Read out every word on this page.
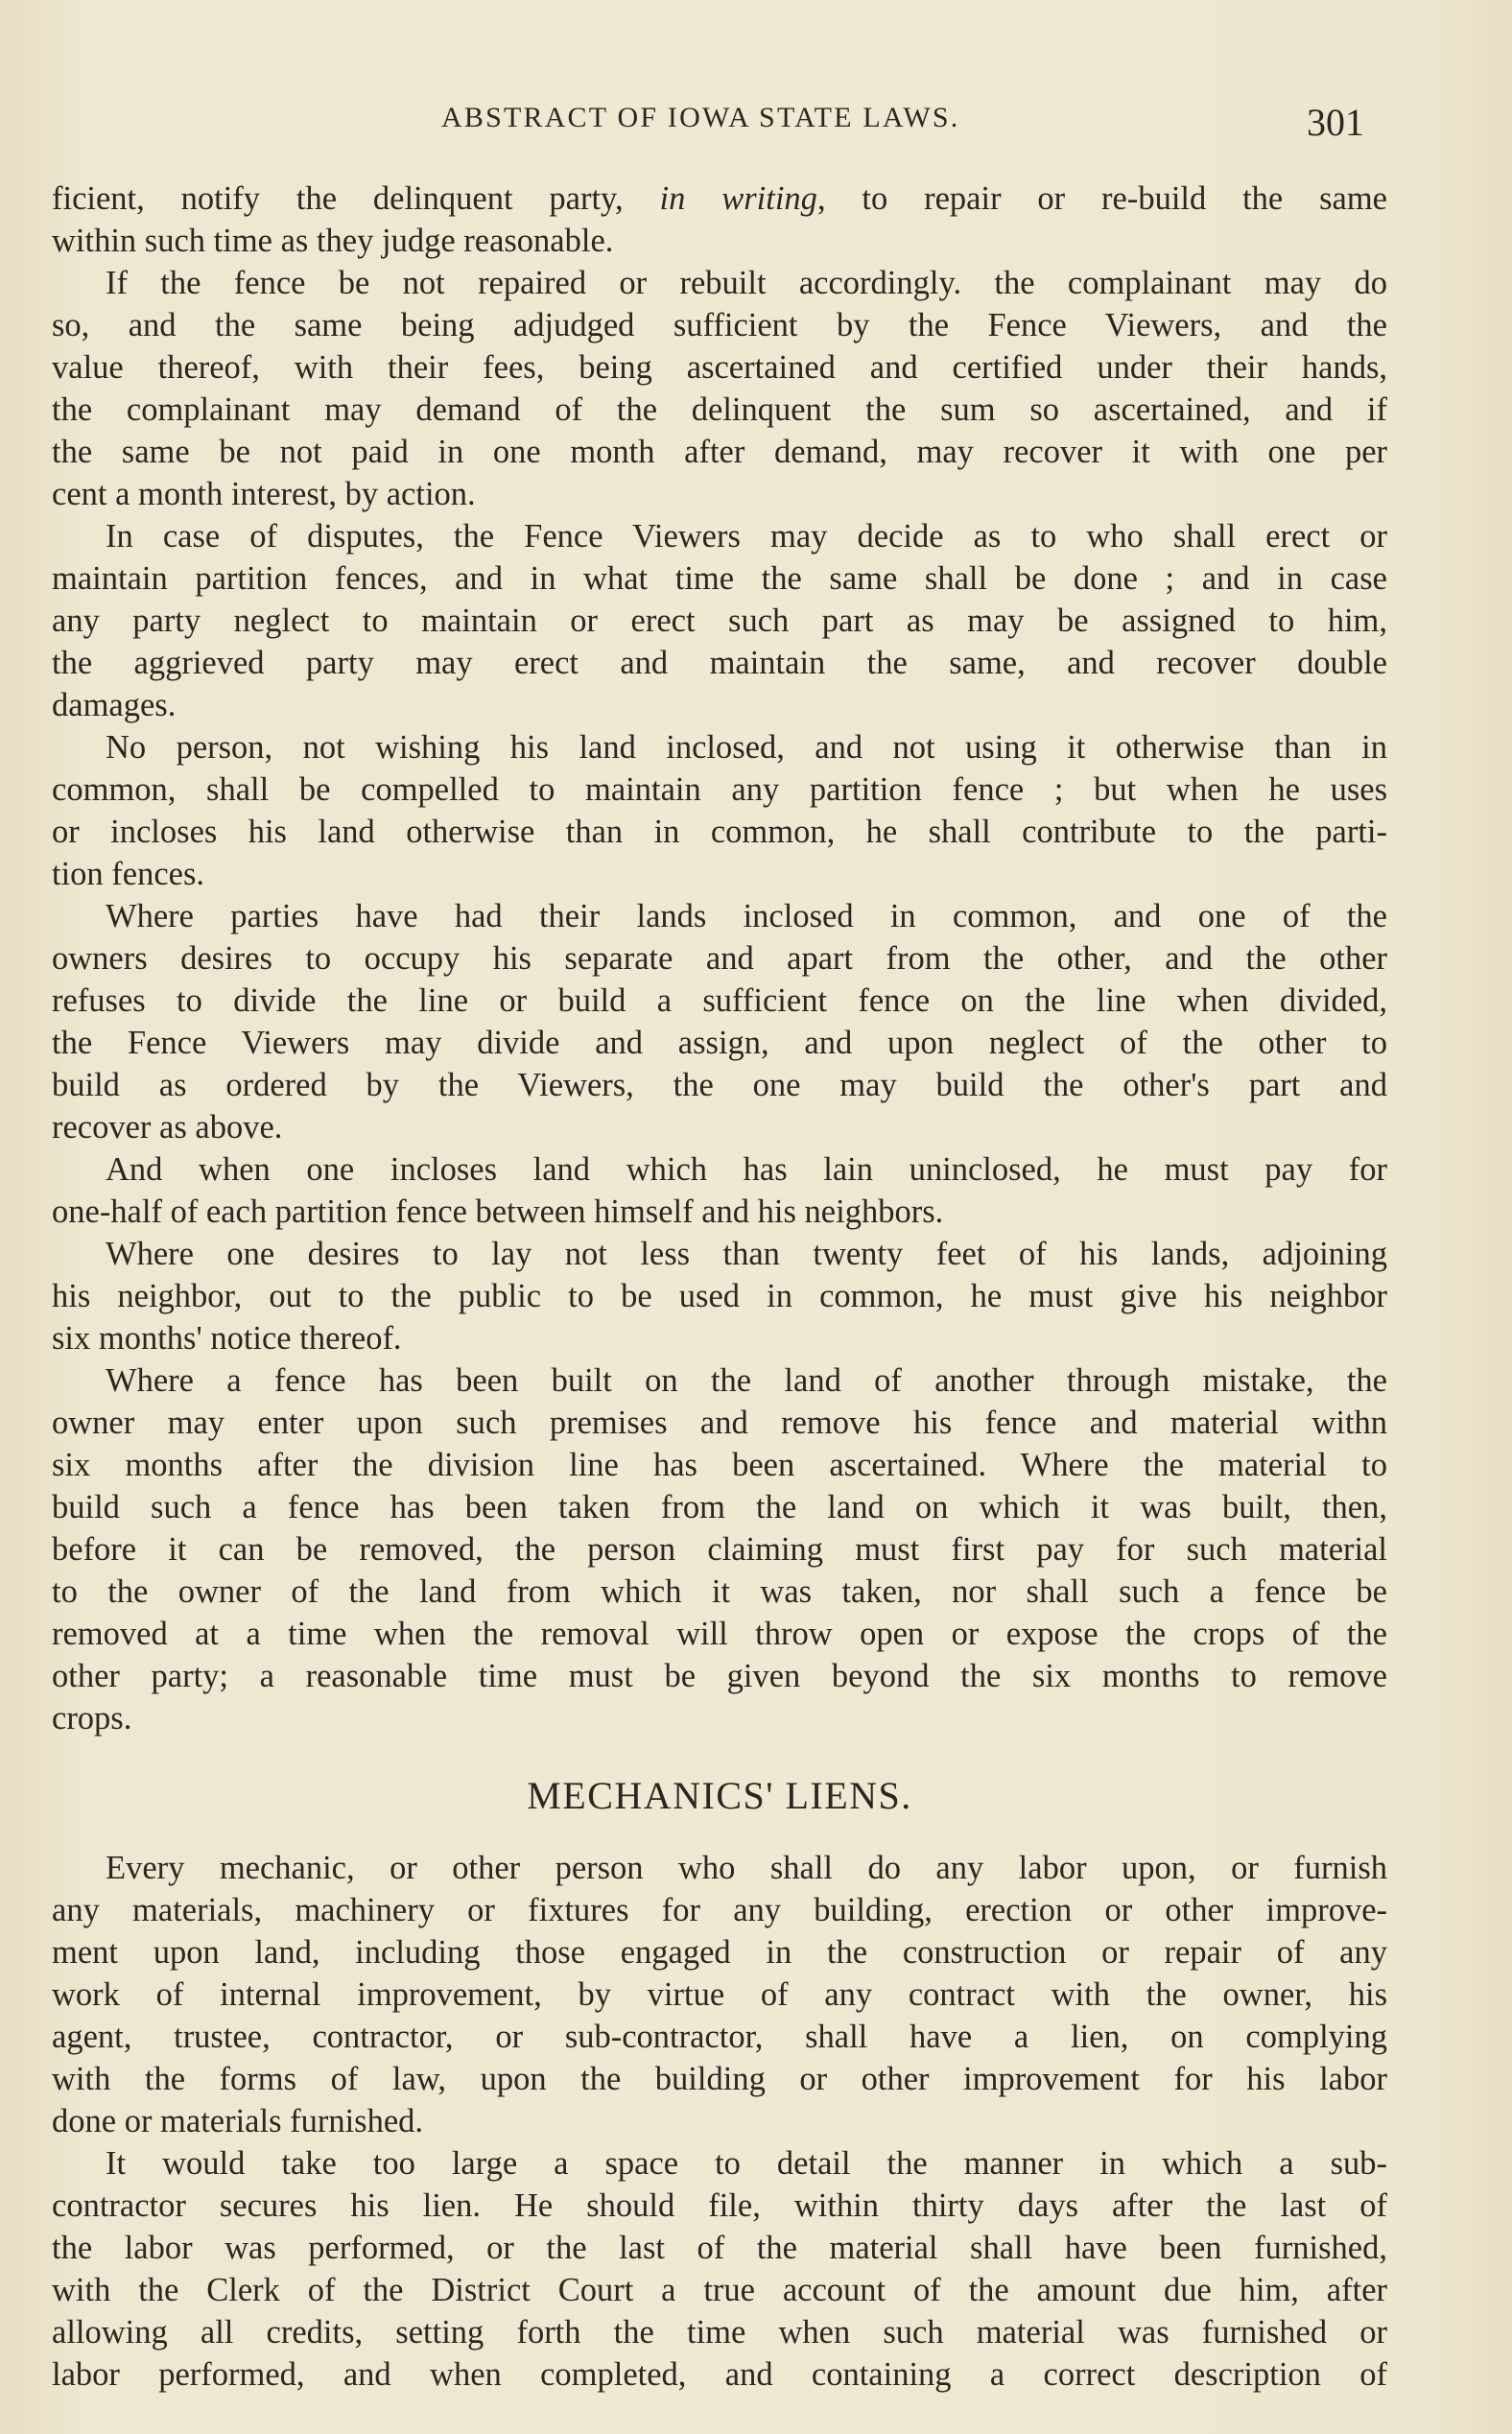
ABSTRACT OF IOWA STATE LAWS.	301
ficient, notify the delinquent party, in writing, to repair or re-build the same
within such time as they judge reasonable.
If the fence be not repaired or rebuilt accordingly. the complainant may do
so, and the same being adjudged sufficient by the Fence Viewers, and the
value thereof, with their fees, being ascertained and certified under their hands,
the complainant may demand of the delinquent the sum so ascertained, and if
the same be not paid in one month after demand, may recover it with one per
cent a month interest, by action.
In case of disputes, the Fence Viewers may decide as to who shall erect or
maintain partition fences, and in what time the same shall be done ; and in case
any party neglect to maintain or erect such part as may be assigned to him,
the aggrieved party may erect and maintain the same, and recover double
damages.
No person, not wishing his land inclosed, and not using it otherwise than in
common, shall be compelled to maintain any partition fence ; but when he uses
or incloses his land otherwise than in common, he shall contribute to the parti-
tion fences.
Where parties have had their lands inclosed in common, and one of the
owners desires to occupy his separate and apart from the other, and the other
refuses to divide the line or build a sufficient fence on the line when divided,
the Fence Viewers may divide and assign, and upon neglect of the other to
build as ordered by the Viewers, the one may build the other's part and
recover as above.
And when one incloses land which has lain uninclosed, he must pay for
one-half of each partition fence between himself and his neighbors.
Where one desires to lay not less than twenty feet of his lands, adjoining
his neighbor, out to the public to be used in common, he must give his neighbor
six months' notice thereof.
Where a fence has been built on the land of another through mistake, the
owner may enter upon such premises and remove his fence and material withn
six months after the division line has been ascertained. Where the material to
build such a fence has been taken from the land on which it was built, then,
before it can be removed, the person claiming must first pay for such material
to the owner of the land from which it was taken, nor shall such a fence be
removed at a time when the removal will throw open or expose the crops of the
other party; a reasonable time must be given beyond the six months to remove
crops.
MECHANICS' LIENS.
Every mechanic, or other person who shall do any labor upon, or furnish
any materials, machinery or fixtures for any building, erection or other improve-
ment upon land, including those engaged in the construction or repair of any
work of internal improvement, by virtue of any contract with the owner, his
agent, trustee, contractor, or sub-contractor, shall have a lien, on complying
with the forms of law, upon the building or other improvement for his labor
done or materials furnished.
It would take too large a space to detail the manner in which a sub-
contractor secures his lien. He should file, within thirty days after the last of
the labor was performed, or the last of the material shall have been furnished,
with the Clerk of the District Court a true account of the amount due him, after
allowing all credits, setting forth the time when such material was furnished or
labor performed, and when completed, and containing a correct description of
